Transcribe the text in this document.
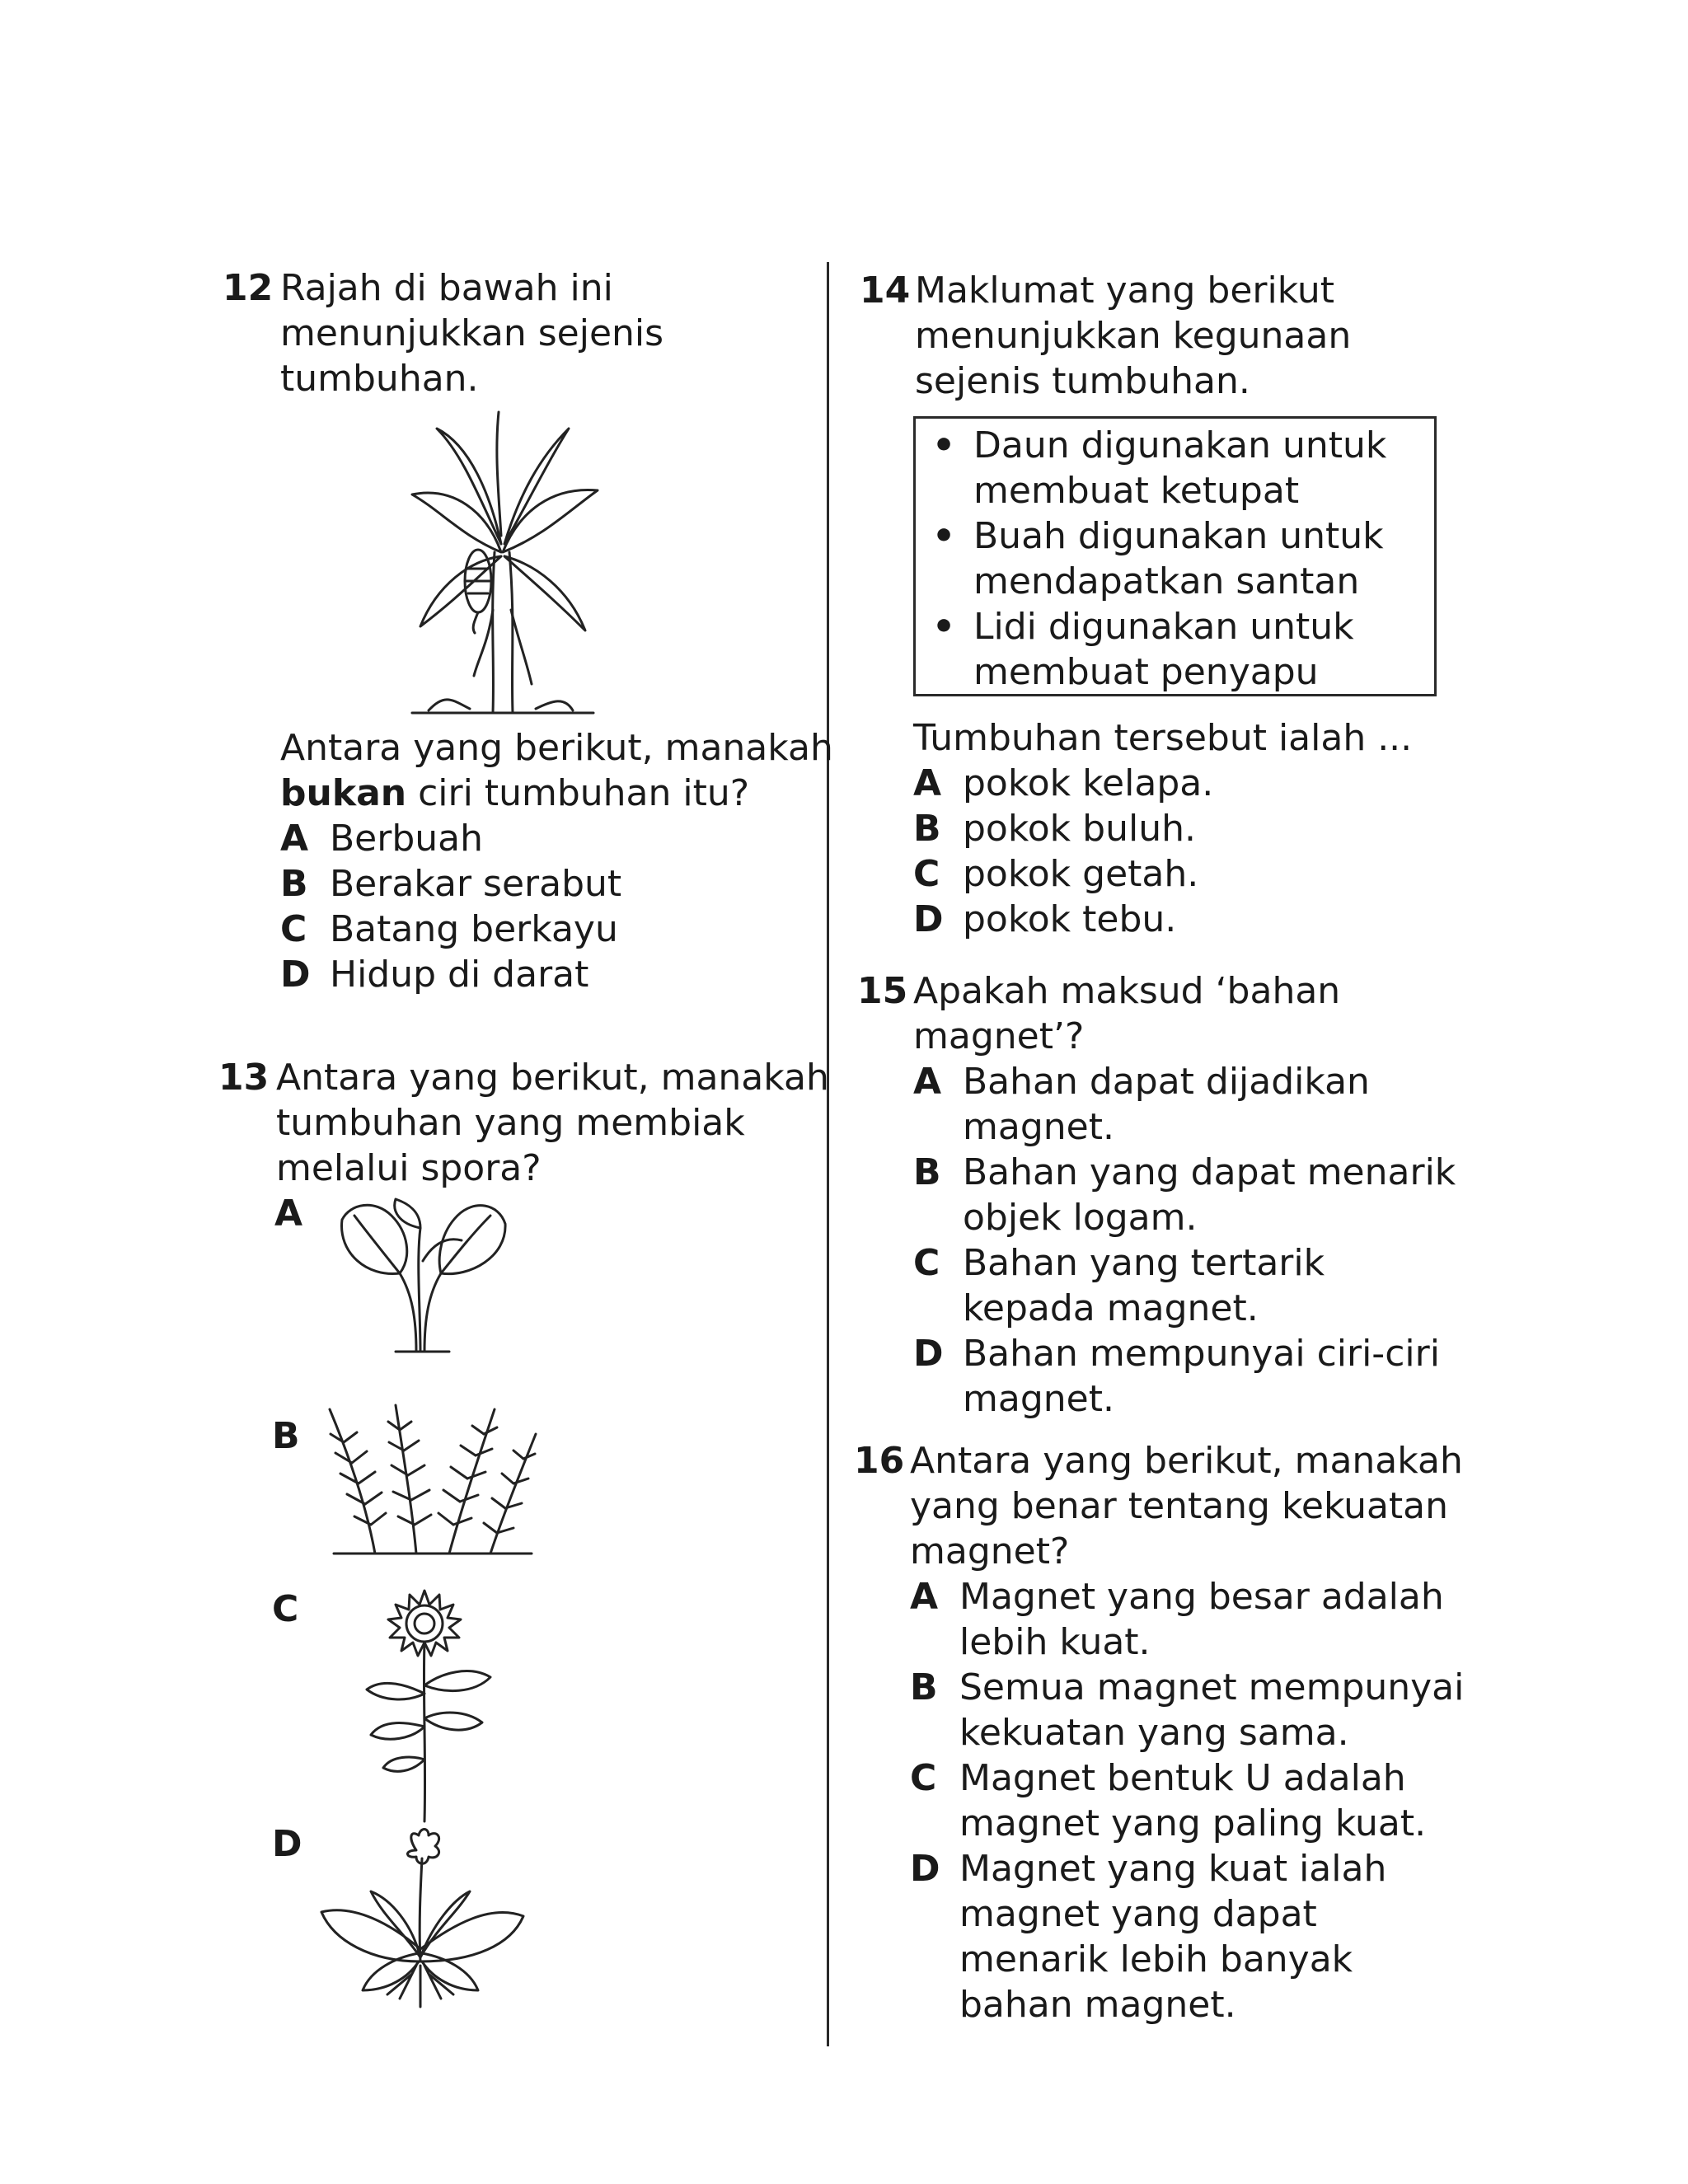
12 Rajah di bawah ini
menunjukkan sejenis
tumbuhan.
Antara yang berikut, manakah
bukan ciri tumbuhan itu?
A Berbuah
B Berakar serabut
C Batang berkayu
D Hidup di darat
13 Antara yang berikut, manakah
tumbuhan yang membiak
melalui spora?
A
B
C
D
14 Maklumat yang berikut
menunjukkan kegunaan
sejenis tumbuhan.
• Daun digunakan untuk
membuat ketupat
• Buah digunakan untuk
mendapatkan santan
• Lidi digunakan untuk
membuat penyapu
Tumbuhan tersebut ialah ...
A pokok kelapa.
B pokok buluh.
C pokok getah.
D pokok tebu.
15 Apakah maksud ‘bahan
magnet’?
A Bahan dapat dijadikan
magnet.
B Bahan yang dapat menarik
objek logam.
C Bahan yang tertarik
kepada magnet.
D Bahan mempunyai ciri-ciri
magnet.
16 Antara yang berikut, manakah
yang benar tentang kekuatan
magnet?
A Magnet yang besar adalah
lebih kuat.
B Semua magnet mempunyai
kekuatan yang sama.
C Magnet bentuk U adalah
magnet yang paling kuat.
D Magnet yang kuat ialah
magnet yang dapat
menarik lebih banyak
bahan magnet.
